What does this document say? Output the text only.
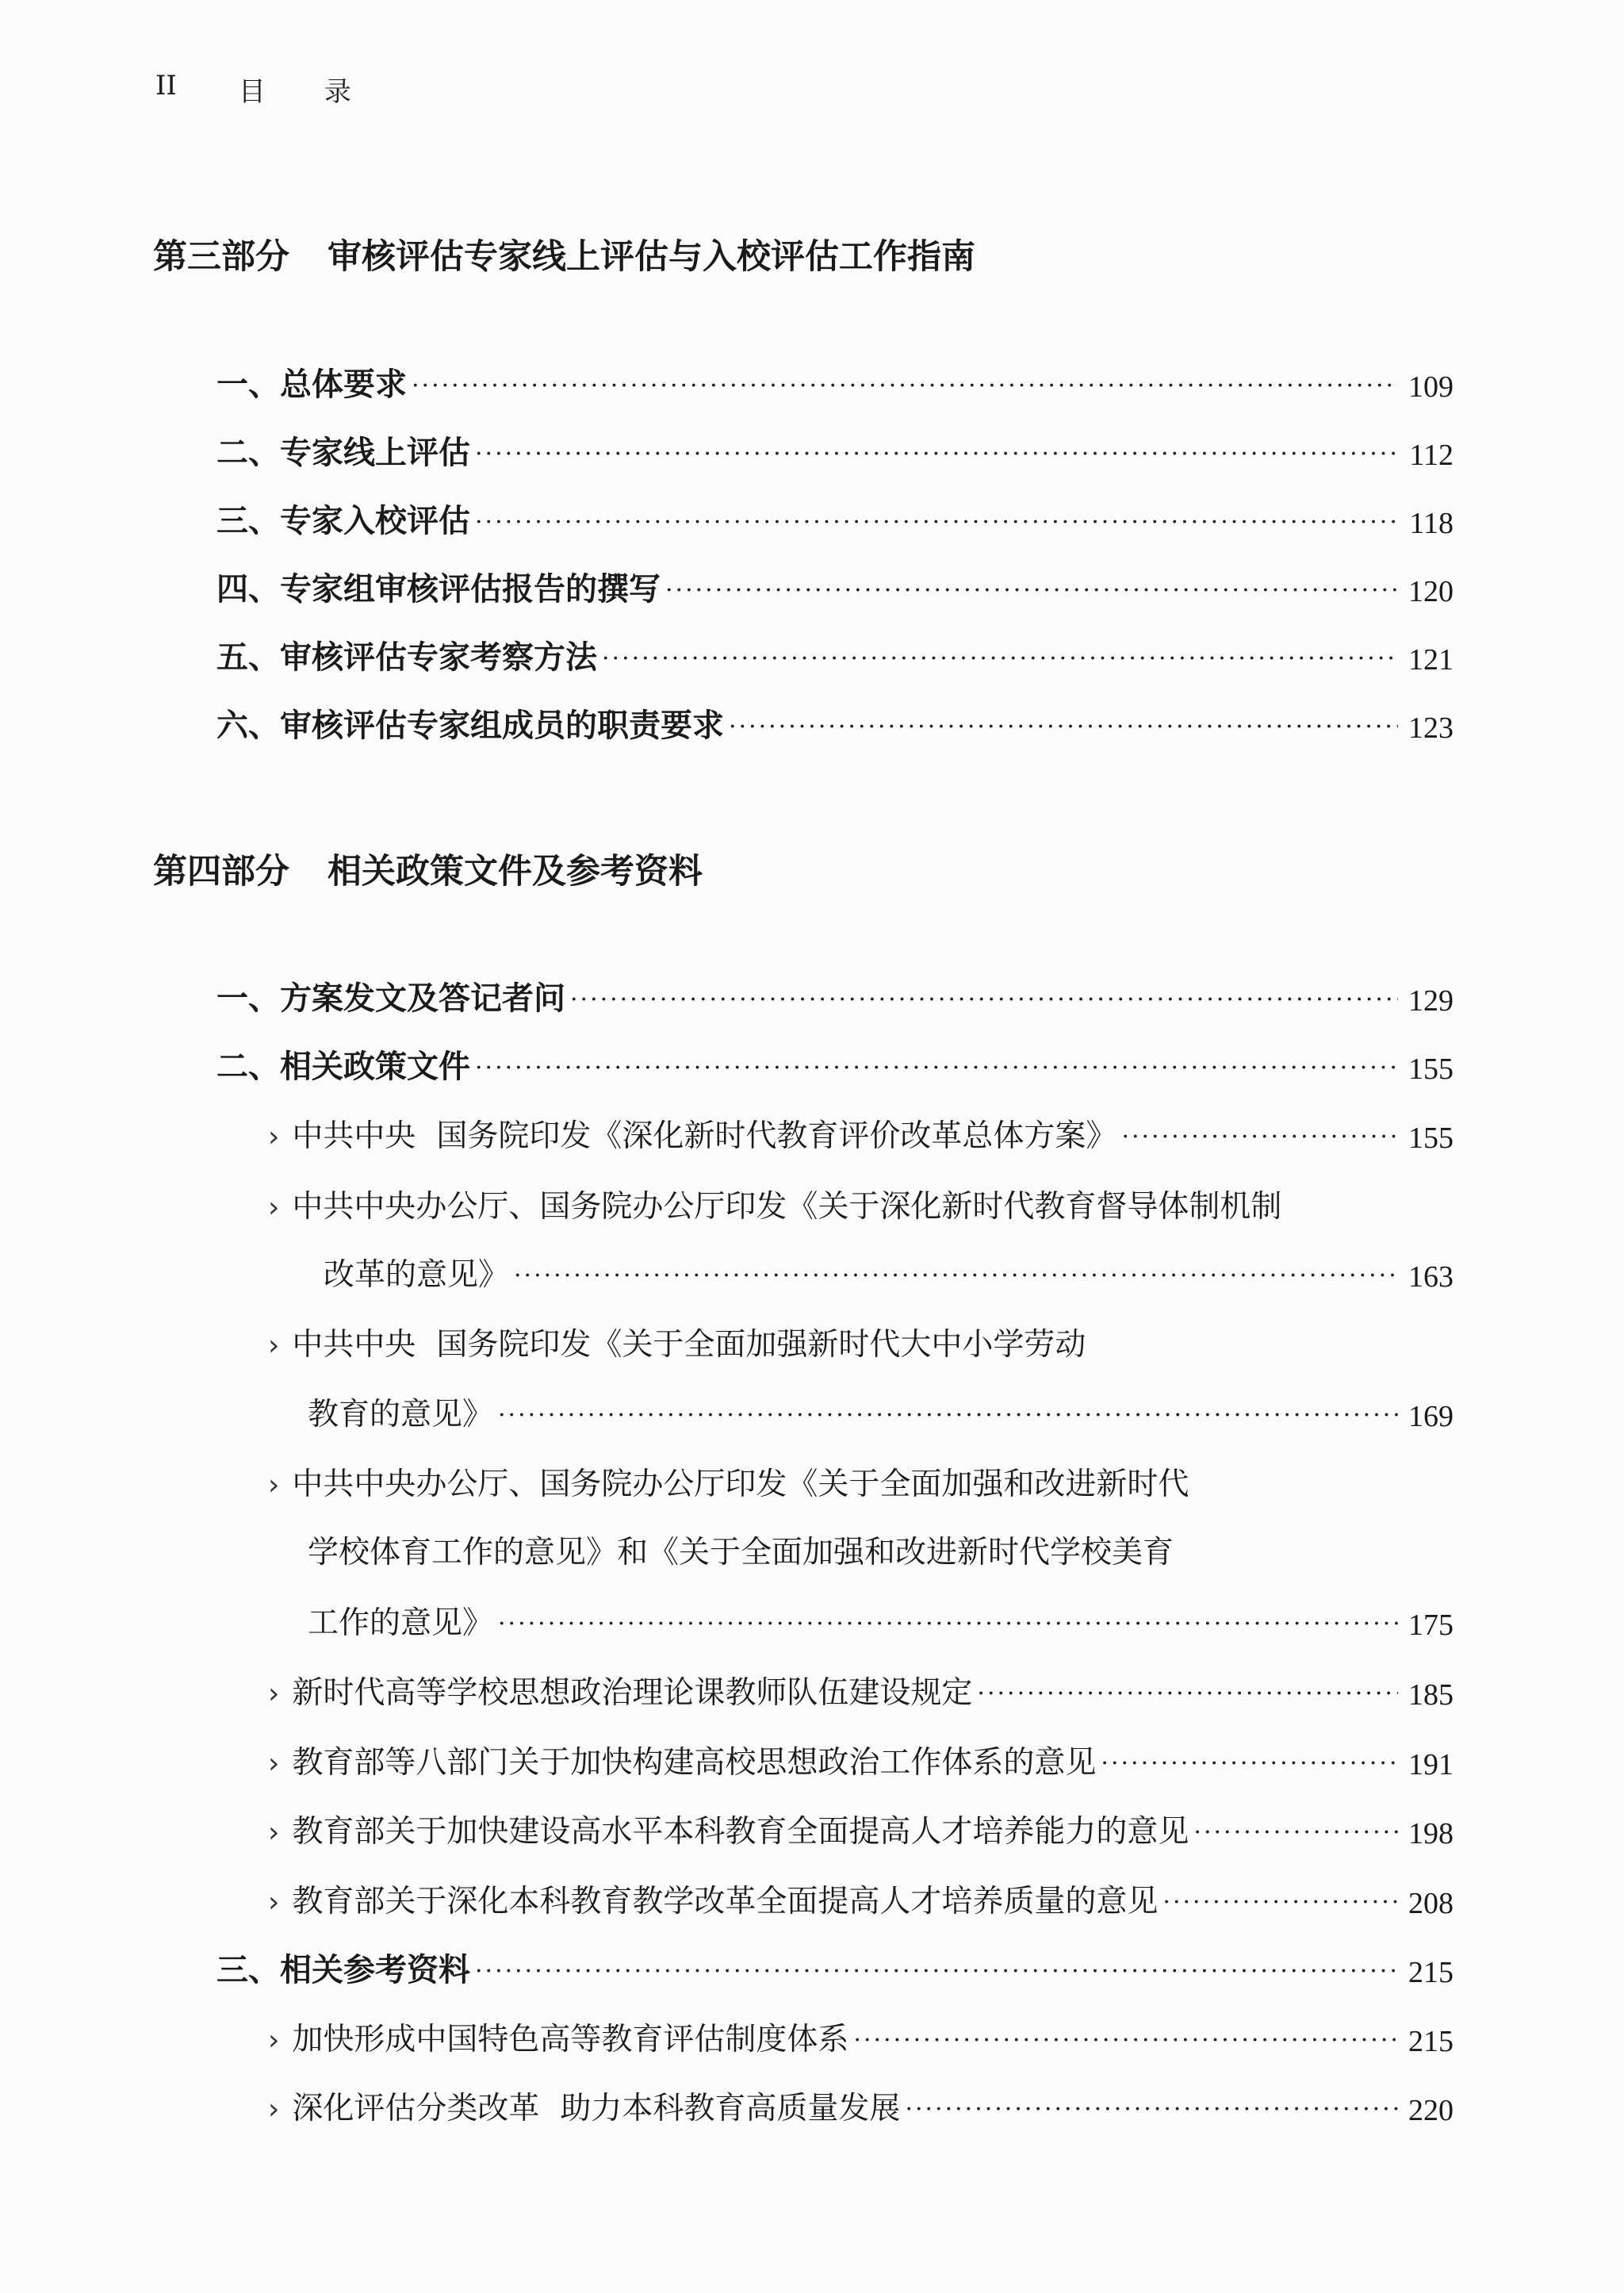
II 目 录
第三部分 审核评估专家线上评估与入校评估工作指南
一、总体要求 ·····	109
二、专家线上评估 ·····	112
三、专家入校评估 ·····	118
四、专家组审核评估报告的撰写 ·····	120
五、审核评估专家考察方法 ·····	121
六、审核评估专家组成员的职责要求 ·····	123
第四部分 相关政策文件及参考资料
一、方案发文及答记者问 ·····	129
二、相关政策文件 ·····	155
› 中共中央 国务院印发《深化新时代教育评价改革总体方案》 ·····	155
› 中共中央办公厅、国务院办公厅印发《关于深化新时代教育督导体制机制
改革的意见》 ·····	163
› 中共中央 国务院印发《关于全面加强新时代大中小学劳动
教育的意见》 ·····	169
› 中共中央办公厅、国务院办公厅印发《关于全面加强和改进新时代
学校体育工作的意见》和《关于全面加强和改进新时代学校美育
工作的意见》 ·····	175
› 新时代高等学校思想政治理论课教师队伍建设规定 ·····	185
› 教育部等八部门关于加快构建高校思想政治工作体系的意见 ·····	191
› 教育部关于加快建设高水平本科教育全面提高人才培养能力的意见 ·····	198
› 教育部关于深化本科教育教学改革全面提高人才培养质量的意见 ·····	208
三、相关参考资料 ·····	215
› 加快形成中国特色高等教育评估制度体系 ·····	215
› 深化评估分类改革 助力本科教育高质量发展 ·····	220
